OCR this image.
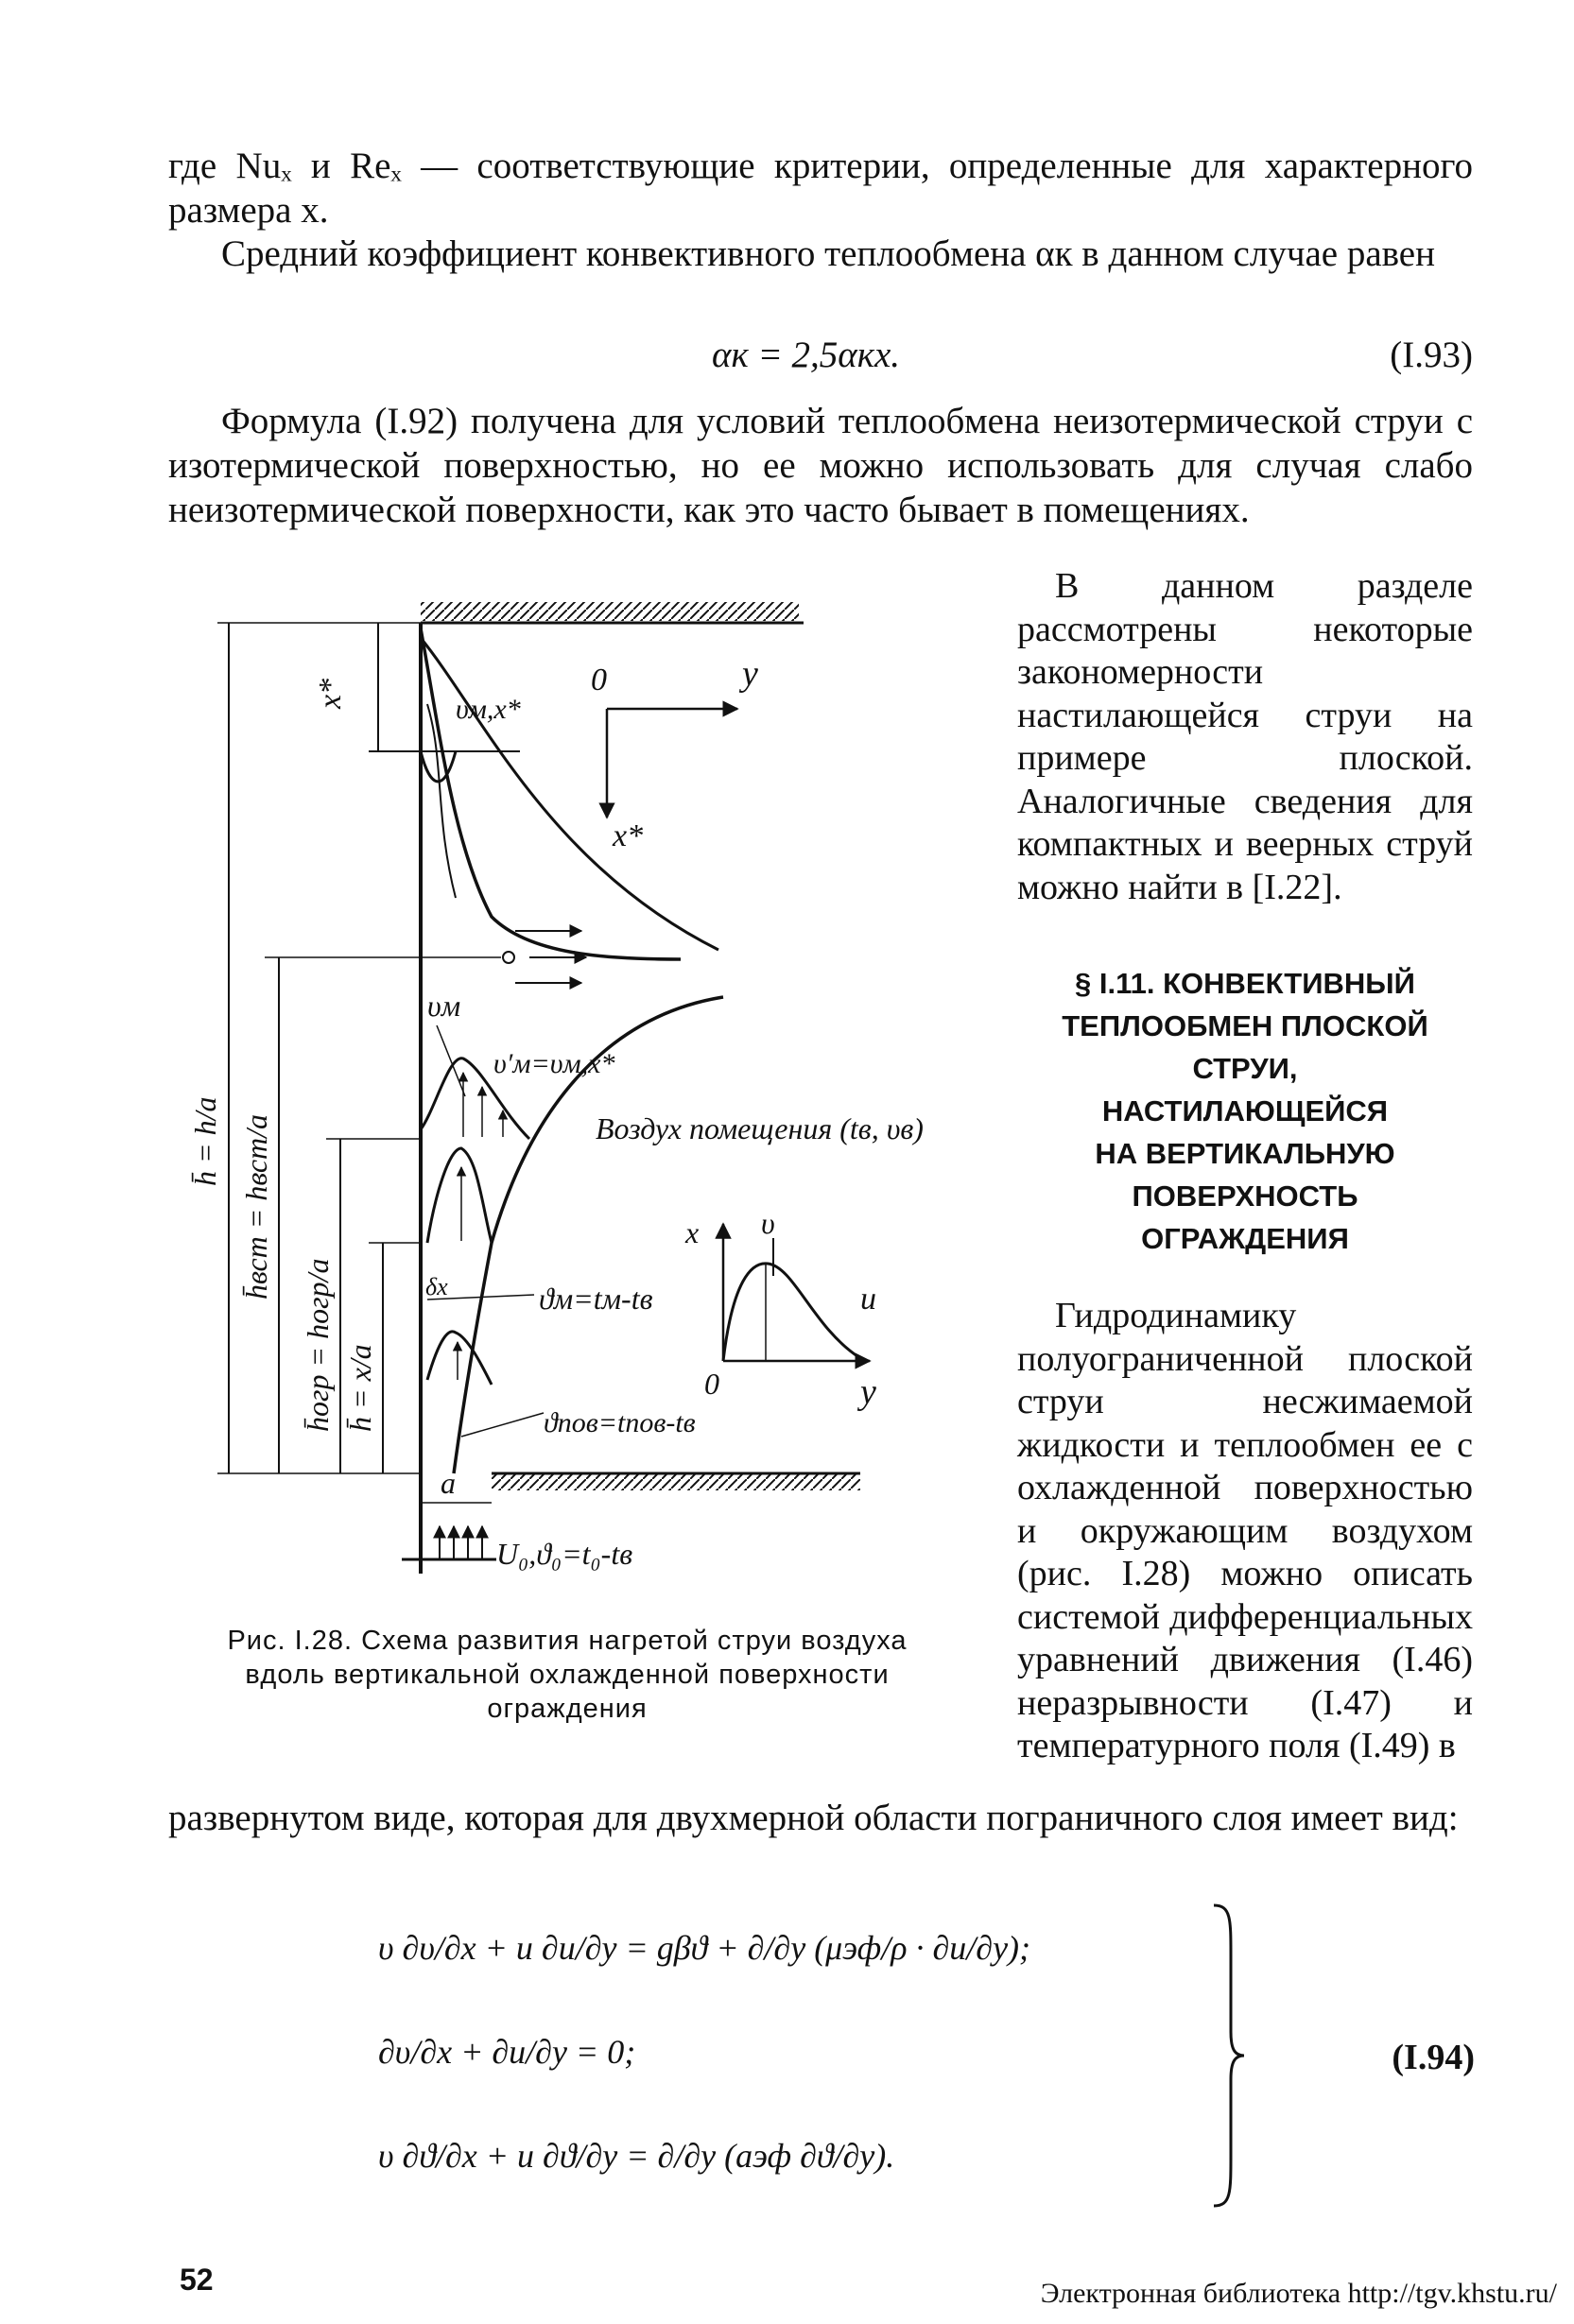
где Nuₓ и Reₓ — соответствующие критерии, определенные для характерного размера x.

Средний коэффициент конвективного теплообмена αк в данном случае равен

αк = 2,5αкx.	(I.93)

Формула (I.92) получена для условий теплообмена неизотермической струи с изотермической поверхностью, но ее можно использовать для случая слабо неизотермической поверхности, как это часто бывает в помещениях.

В данном разделе рассмотрены некоторые закономерности настилающейся струи на примере плоской. Аналогичные сведения для компактных и веерных струй можно найти в [I.22].

§ I.11. КОНВЕКТИВНЫЙ
ТЕПЛООБМЕН ПЛОСКОЙ
СТРУИ,
НАСТИЛАЮЩЕЙСЯ
НА ВЕРТИКАЛЬНУЮ
ПОВЕРХНОСТЬ
ОГРАЖДЕНИЯ

Гидродинамику полуограниченной плоской струи несжимаемой жидкости и теплообмен ее с охлажденной поверхностью и окружающим воздухом (рис. I.28) можно описать системой дифференциальных уравнений движения (I.46) неразрывности (I.47) и температурного поля (I.49) в

x*
υм,x*
0	y
x*
υм
υ′м=υм,x*
Воздух помещения (tв, υв)
h̄ = h/a h̄вст = hвст/a
h̄огр = hогр/a h̄ = x/a
δx	ϑм=tм-tв
ϑпов=tпов-tв
a
U₀,ϑ₀=t₀-tв
x υ
u
0	y

Рис. I.28. Схема развития нагретой струи воздуха вдоль вертикальной охлажденной поверхности ограждения

развернутом виде, которая для двухмерной области пограничного слоя имеет вид:

υ ∂υ/∂x + u ∂u/∂y = gβϑ + ∂/∂y (μэф/ρ · ∂u/∂y);
∂υ/∂x + ∂u/∂y = 0;
υ ∂ϑ/∂x + u ∂ϑ/∂y = ∂/∂y (aэф ∂ϑ/∂y).
(I.94)
52	Электронная библиотека http://tgv.khstu.ru/
